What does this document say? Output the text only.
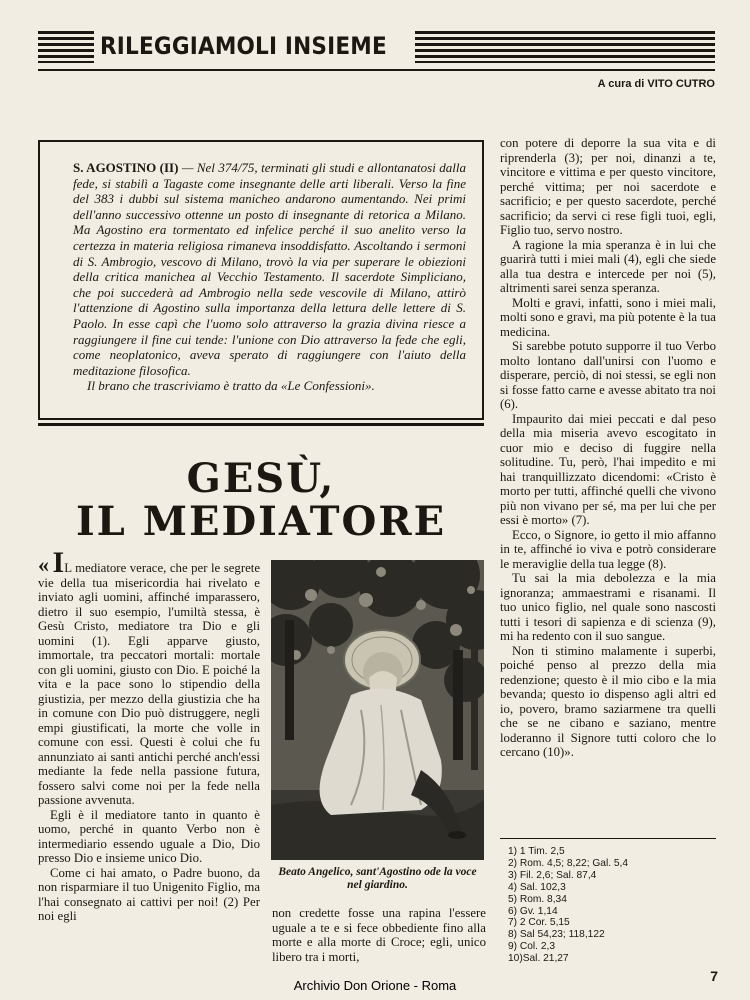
RILEGGIAMOLI INSIEME
A cura di VITO CUTRO

S. AGOSTINO (II) — Nel 374/75, terminati gli studi e allontanatosi dalla fede, si stabilì a Tagaste come insegnante delle arti liberali. Verso la fine del 383 i dubbi sul sistema manicheo andarono aumentando. Nei primi dell'anno successivo ottenne un posto di insegnante di retorica a Milano. Ma Agostino era tormentato ed infelice perché il suo anelito verso la certezza in materia religiosa rimaneva insoddisfatto. Ascoltando i sermoni di S. Ambrogio, vescovo di Milano, trovò la via per superare le obiezioni della critica manichea al Vecchio Testamento. Il sacerdote Simpliciano, che poi succederà ad Ambrogio nella sede vescovile di Milano, attirò l'attenzione di Agostino sulla importanza della lettura delle lettere di S. Paolo. In esse capì che l'uomo solo attraverso la grazia divina riesce a raggiungere il fine cui tende: l'unione con Dio attraverso la fede che egli, come neoplatonico, aveva sperato di raggiungere con l'aiuto della meditazione filosofica.

Il brano che trascriviamo è tratto da «Le Confessioni».

GESÙ,
IL MEDIATORE

« IL mediatore verace, che per le segrete vie della tua misericordia hai rivelato e inviato agli uomini, affinché imparassero, dietro il suo esempio, l'umiltà stessa, è Gesù Cristo, mediatore tra Dio e gli uomini (1). Egli apparve giusto, immortale, tra peccatori mortali: mortale con gli uomini, giusto con Dio. E poiché la vita e la pace sono lo stipendio della giustizia, per mezzo della giustizia che ha in comune con Dio può distruggere, negli empi giustificati, la morte che volle in comune con essi. Questi è colui che fu annunziato ai santi antichi perché anch'essi mediante la fede nella passione futura, fossero salvi come noi per la fede nella passione avvenuta.

Egli è il mediatore tanto in quanto è uomo, perché in quanto Verbo non è intermediario essendo uguale a Dio, Dio presso Dio e insieme unico Dio.

Come ci hai amato, o Padre buono, da non risparmiare il tuo Unigenito Figlio, ma l'hai consegnato ai cattivi per noi! (2) Per noi egli

Beato Angelico, sant'Agostino ode la voce nel giardino.

non credette fosse una rapina l'essere uguale a te e si fece obbediente fino alla morte e alla morte di Croce; egli, unico libero tra i morti,

con potere di deporre la sua vita e di riprenderla (3); per noi, dinanzi a te, vincitore e vittima e per questo vincitore, perché vittima; per noi sacerdote e sacrificio; e per questo sacerdote, perché sacrificio; da servi ci rese figli tuoi, egli, Figlio tuo, servo nostro.

A ragione la mia speranza è in lui che guarirà tutti i miei mali (4), egli che siede alla tua destra e intercede per noi (5), altrimenti sarei senza speranza.

Molti e gravi, infatti, sono i miei mali, molti sono e gravi, ma più potente è la tua medicina.

Si sarebbe potuto supporre il tuo Verbo molto lontano dall'unirsi con l'uomo e disperare, perciò, di noi stessi, se egli non si fosse fatto carne e avesse abitato tra noi (6).

Impaurito dai miei peccati e dal peso della mia miseria avevo escogitato in cuor mio e deciso di fuggire nella solitudine. Tu, però, l'hai impedito e mi hai tranquillizzato dicendomi: «Cristo è morto per tutti, affinché quelli che vivono più non vivano per sé, ma per lui che per essi è morto» (7).

Ecco, o Signore, io getto il mio affanno in te, affinché io viva e potrò considerare le meraviglie della tua legge (8).

Tu sai la mia debolezza e la mia ignoranza; ammaestrami e risanami. Il tuo unico figlio, nel quale sono nascosti tutti i tesori di sapienza e di scienza (9), mi ha redento con il suo sangue.

Non ti stimino malamente i superbi, poiché penso al prezzo della mia redenzione; questo è il mio cibo e la mia bevanda; questo io dispenso agli altri ed io, povero, bramo saziarmene tra quelli che se ne cibano e saziano, mentre loderanno il Signore tutti coloro che lo cercano (10)».

1) 1 Tim. 2,5
2) Rom. 4,5; 8,22; Gal. 5,4
3) Fil. 2,6; Sal. 87,4
4) Sal. 102,3
5) Rom. 8,34
6) Gv. 1,14
7) 2 Cor. 5,15
8) Sal 54,23; 118,122
9) Col. 2,3
10)Sal. 21,27
7
Archivio Don Orione - Roma
